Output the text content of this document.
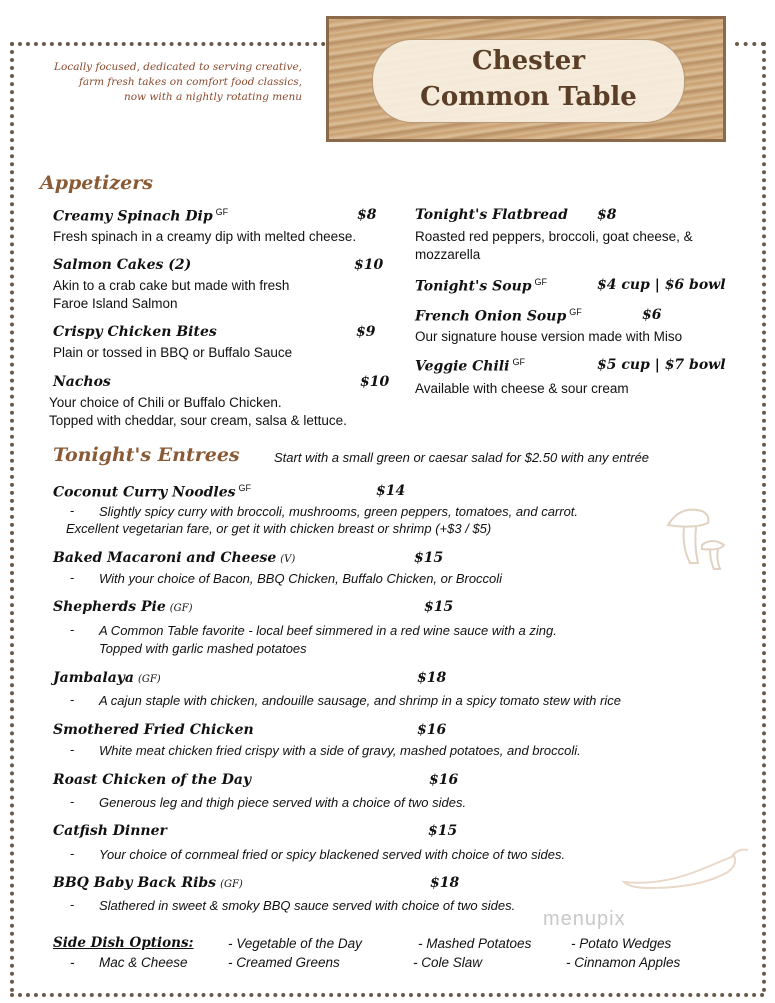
Locally focused, dedicated to serving creative,
farm fresh takes on comfort food classics,
now with a nightly rotating menu
Chester
Common Table
Appetizers
Creamy Spinach Dip $^{GF}$	$8
Fresh spinach in a creamy dip with melted cheese.
Salmon Cakes (2)	$10
Akin to a crab cake but made with fresh
Faroe Island Salmon
Crispy Chicken Bites	$9
Plain or tossed in BBQ or Buffalo Sauce
Nachos	$10
Your choice of Chili or Buffalo Chicken.
Topped with cheddar, sour cream, salsa & lettuce.
Tonight's Flatbread $8
Roasted red peppers, broccoli, goat cheese, &
mozzarella
Tonight's Soup $^{GF}$	$4 cup | $6 bowl
French Onion Soup $^{GF}$	$6
Our signature house version made with Miso
Veggie Chili $^{GF}$	$5 cup | $7 bowl
Available with cheese & sour cream
Tonight's Entrees	Start with a small green or caesar salad for $2.50 with any entrée
Coconut Curry Noodles $^{GF}$	$14
- Slightly spicy curry with broccoli, mushrooms, green peppers, tomatoes, and carrot.
Excellent vegetarian fare, or get it with chicken breast or shrimp (+$3 / $5)
Baked Macaroni and Cheese (V)	$15
- With your choice of Bacon, BBQ Chicken, Buffalo Chicken, or Broccoli
Shepherds Pie (GF)	$15
- A Common Table favorite - local beef simmered in a red wine sauce with a zing.
Topped with garlic mashed potatoes
Jambalaya (GF)	$18
- A cajun staple with chicken, andouille sausage, and shrimp in a spicy tomato stew with rice
Smothered Fried Chicken	$16
- White meat chicken fried crispy with a side of gravy, mashed potatoes, and broccoli.
Roast Chicken of the Day	$16
- Generous leg and thigh piece served with a choice of two sides.
Catfish Dinner	$15
- Your choice of cornmeal fried or spicy blackened served with choice of two sides.
BBQ Baby Back Ribs (GF)	$18
- Slathered in sweet & smoky BBQ sauce served with choice of two sides.
menupix
Side Dish Options:	- Vegetable of the Day	- Mashed Potatoes	- Potato Wedges
- Mac & Cheese	- Creamed Greens	- Cole Slaw	- Cinnamon Apples
